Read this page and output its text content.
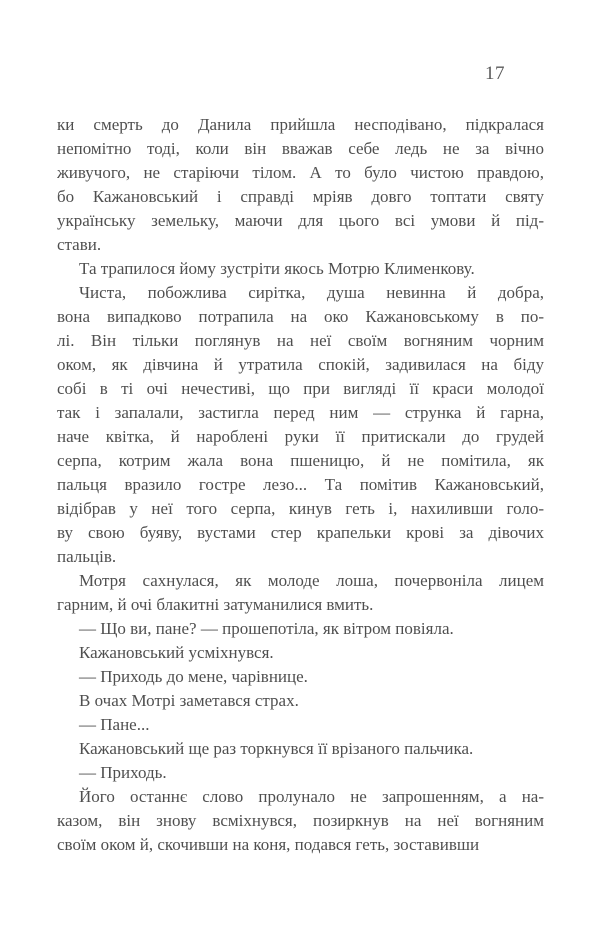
17
ки смерть до Данила прийшла несподівано, підкралася
непомітно тоді, коли він вважав себе ледь не за вічно
живучого, не старіючи тілом. А то було чистою правдою,
бо Кажановський і справді мріяв довго топтати святу
українську земельку, маючи для цього всі умови й під-
стави.
Та трапилося йому зустріти якось Мотрю Клименкову.
Чиста, побожлива сирітка, душа невинна й добра,
вона випадково потрапила на око Кажановському в по-
лі. Він тільки поглянув на неї своїм вогняним чорним
оком, як дівчина й утратила спокій, задивилася на біду
собі в ті очі нечестиві, що при вигляді її краси молодої
так і запалали, застигла перед ним — струнка й гарна,
наче квітка, й нароблені руки її притискали до грудей
серпа, котрим жала вона пшеницю, й не помітила, як
пальця вразило гостре лезо... Та помітив Кажановський,
відібрав у неї того серпа, кинув геть і, нахиливши голо-
ву свою буяву, вустами стер крапельки крові за дівочих
пальців.
Мотря сахнулася, як молоде лоша, почервоніла лицем
гарним, й очі блакитні затуманилися вмить.
— Що ви, пане? — прошепотіла, як вітром повіяла.
Кажановський усміхнувся.
— Приходь до мене, чарівнице.
В очах Мотрі заметався страх.
— Пане...
Кажановський ще раз торкнувся її врізаного пальчика.
— Приходь.
Його останнє слово пролунало не запрошенням, а на-
казом, він знову всміхнувся, позиркнув на неї вогняним
своїм оком й, скочивши на коня, подався геть, зоставивши
